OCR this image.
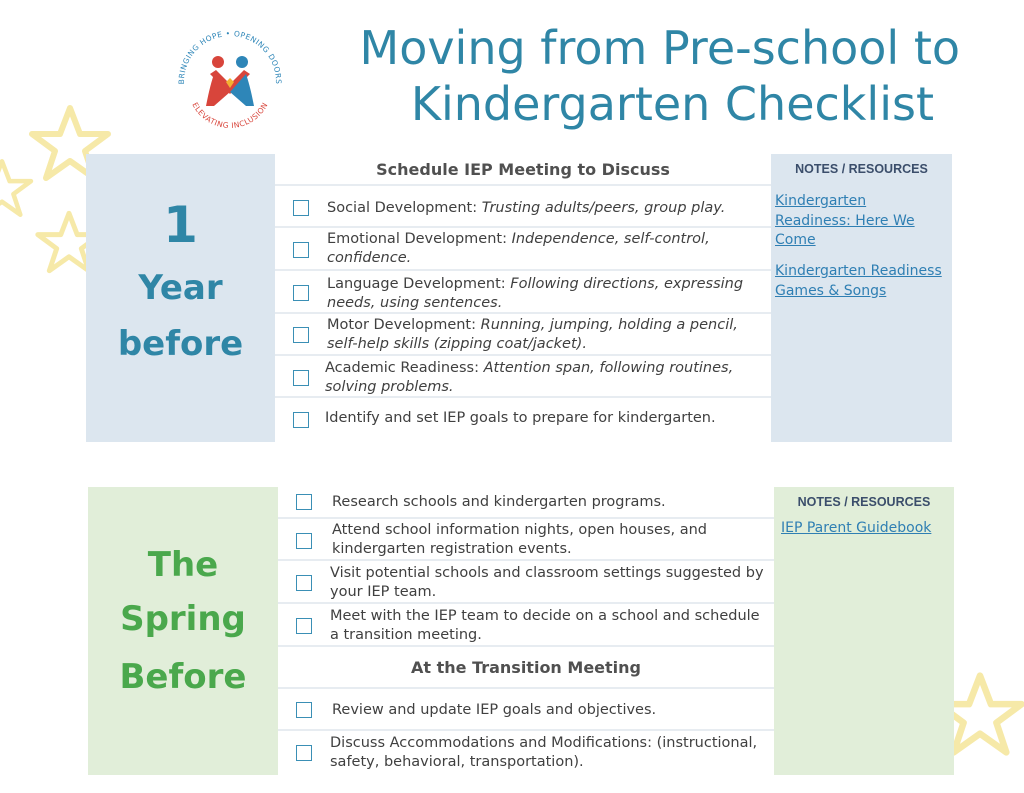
BRINGING HOPE • OPENING DOORS
ELEVATING INCLUSION
Moving from Pre-school to
Kindergarten Checklist
1
Year
before
Schedule IEP Meeting to Discuss
Social Development: Trusting adults/peers, group play.
Emotional Development: Independence, self-control, confidence.
Language Development: Following directions, expressing needs, using sentences.
Motor Development: Running, jumping, holding a pencil, self-help skills (zipping coat/jacket).
Academic Readiness: Attention span, following routines, solving problems.
Identify and set IEP goals to prepare for kindergarten.
NOTES / RESOURCES
Kindergarten Readiness: Here We Come
Kindergarten Readiness Games & Songs
The
Spring
Before
Research schools and kindergarten programs.
Attend school information nights, open houses, and kindergarten registration events.
Visit potential schools and classroom settings suggested by your IEP team.
Meet with the IEP team to decide on a school and schedule a transition meeting.
At the Transition Meeting
Review and update IEP goals and objectives.
Discuss Accommodations and Modifications: (instructional, safety, behavioral, transportation).
NOTES / RESOURCES
IEP Parent Guidebook
